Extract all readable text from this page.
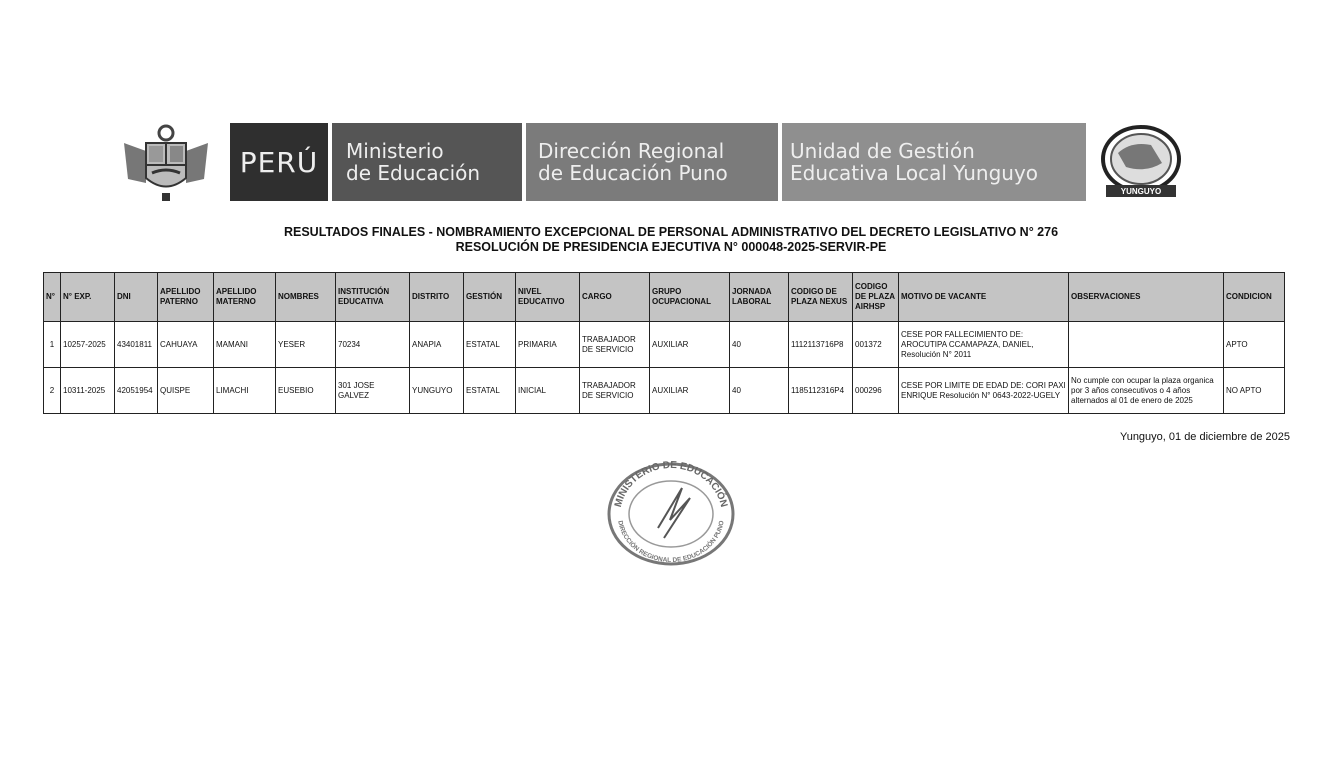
PERÚ Ministerio
de Educación
Dirección Regional
de Educación Puno
Unidad de Gestión
Educativa Local Yunguyo
YUNGUYO
RESULTADOS FINALES - NOMBRAMIENTO EXCEPCIONAL DE PERSONAL ADMINISTRATIVO DEL DECRETO LEGISLATIVO N° 276
RESOLUCIÓN DE PRESIDENCIA EJECUTIVA N° 000048-2025-SERVIR-PE
N°	N° EXP.	DNI	APELLIDO PATERNO	APELLIDO MATERNO	NOMBRES	INSTITUCIÓN EDUCATIVA	DISTRITO	GESTIÓN	NIVEL EDUCATIVO	CARGO	GRUPO OCUPACIONAL	JORNADA LABORAL	CODIGO DE PLAZA NEXUS	CODIGO DE PLAZA AIRHSP	MOTIVO DE VACANTE	OBSERVACIONES	CONDICION
1	10257-2025	43401811	CAHUAYA	MAMANI	YESER	70234	ANAPIA	ESTATAL	PRIMARIA	TRABAJADOR DE SERVICIO	AUXILIAR	40	1112113716P8	001372	CESE POR FALLECIMIENTO DE: AROCUTIPA CCAMAPAZA, DANIEL, Resolución N° 2011		APTO
2	10311-2025	42051954	QUISPE	LIMACHI	EUSEBIO	301 JOSE GALVEZ	YUNGUYO	ESTATAL	INICIAL	TRABAJADOR DE SERVICIO	AUXILIAR	40	1185112316P4	000296	CESE POR LIMITE DE EDAD DE: CORI PAXI ENRIQUE Resolución N° 0643-2022-UGELY	No cumple con ocupar la plaza organica por 3 años consecutivos o 4 años alternados al 01 de enero de 2025	NO APTO
Yunguyo, 01 de diciembre de 2025
MINISTERIO DE EDUCACIÓN
DIRECCIÓN REGIONAL DE EDUCACIÓN PUNO
